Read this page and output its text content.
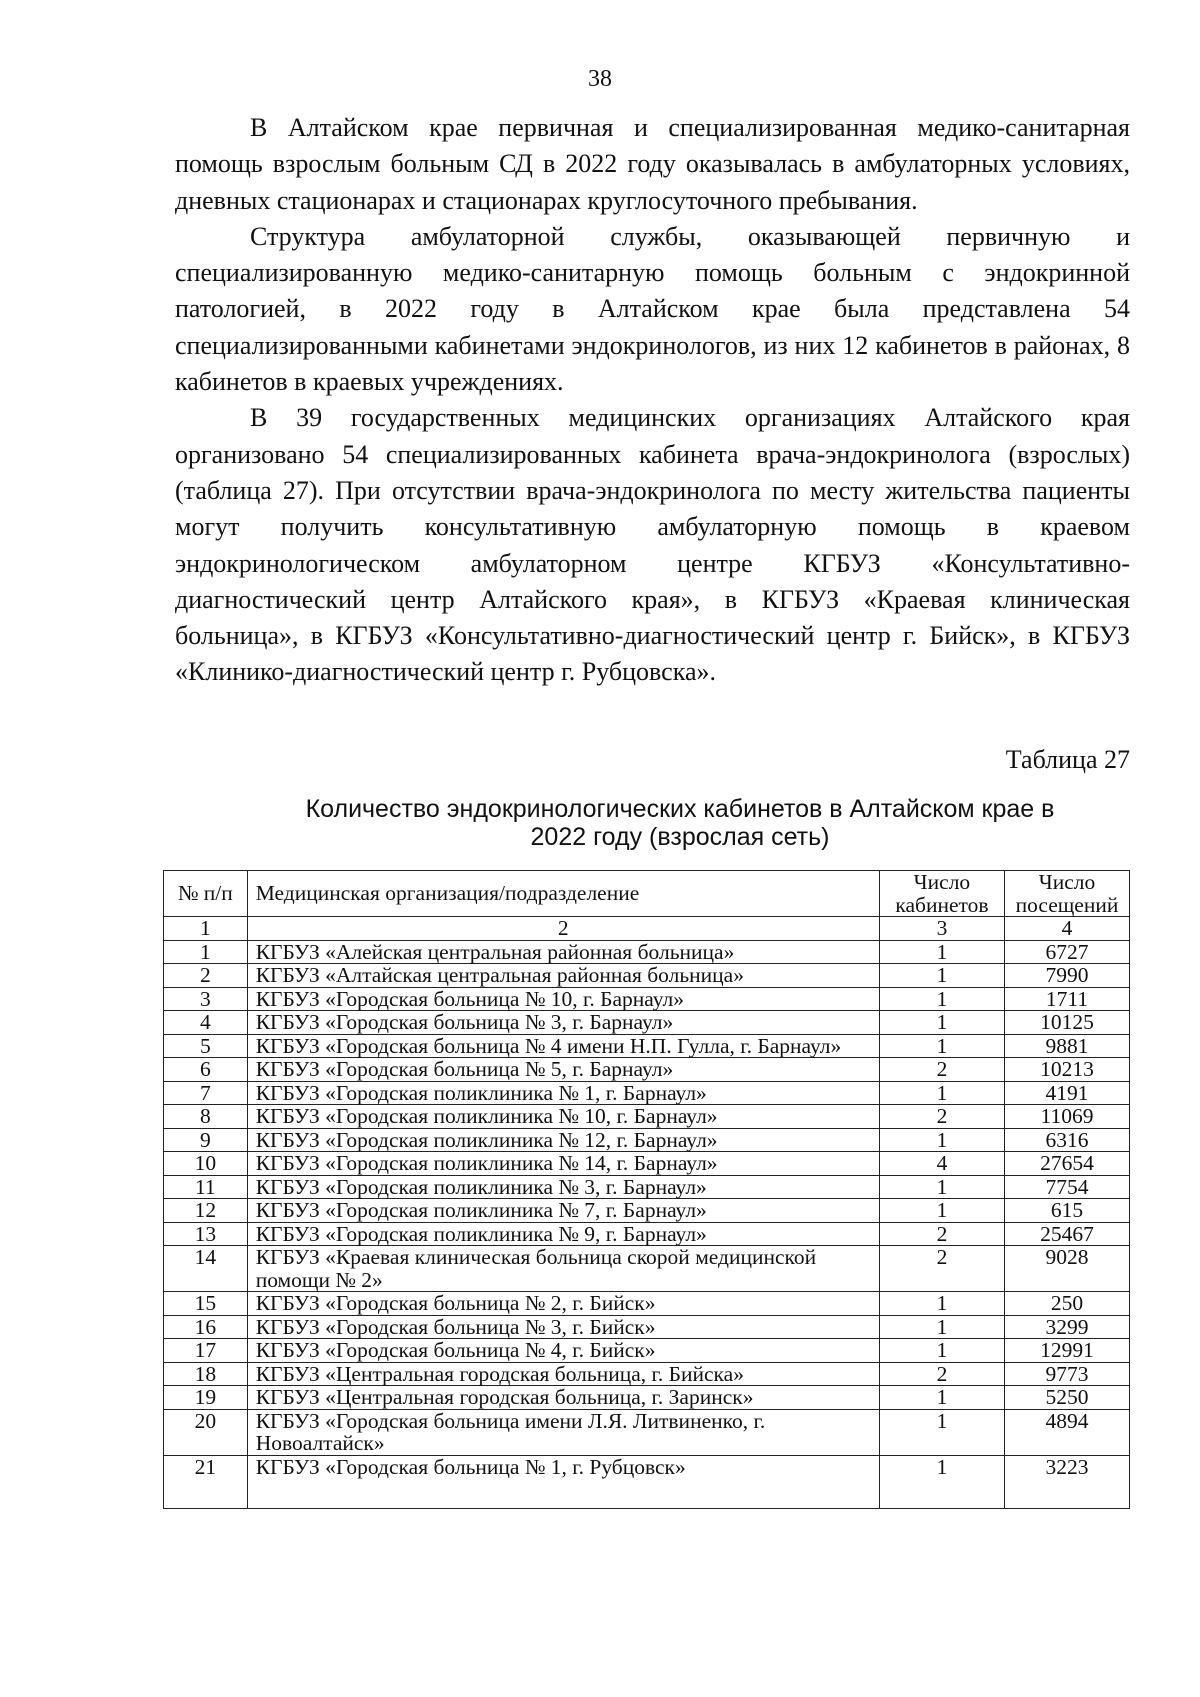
38

В Алтайском крае первичная и специализированная медико-санитарная помощь взрослым больным СД в 2022 году оказывалась в амбулаторных условиях, дневных стационарах и стационарах круглосуточного пребывания.

Структура амбулаторной службы, оказывающей первичную и специализированную медико-санитарную помощь больным с эндокринной патологией, в 2022 году в Алтайском крае была представлена 54 специализированными кабинетами эндокринологов, из них 12 кабинетов в районах, 8 кабинетов в краевых учреждениях.

В 39 государственных медицинских организациях Алтайского края организовано 54 специализированных кабинета врача-эндокринолога (взрослых) (таблица 27). При отсутствии врача-эндокринолога по месту жительства пациенты могут получить консультативную амбулаторную помощь в краевом эндокринологическом амбулаторном центре КГБУЗ «Консультативно-диагностический центр Алтайского края», в КГБУЗ «Краевая клиническая больница», в КГБУЗ «Консультативно-диагностический центр г. Бийск», в КГБУЗ «Клинико-диагностический центр г. Рубцовска».

Таблица 27
Количество эндокринологических кабинетов в Алтайском крае в
2022 году (взрослая сеть)
№ п/п	Медицинская организация/подразделение	Число кабинетов	Число посещений
1	2	3	4
1	КГБУЗ «Алейская центральная районная больница»	1	6727
2	КГБУЗ «Алтайская центральная районная больница»	1	7990
3	КГБУЗ «Городская больница № 10, г. Барнаул»	1	1711
4	КГБУЗ «Городская больница № 3, г. Барнаул»	1	10125
5	КГБУЗ «Городская больница № 4 имени Н.П. Гулла, г. Барнаул»	1	9881
6	КГБУЗ «Городская больница № 5, г. Барнаул»	2	10213
7	КГБУЗ «Городская поликлиника № 1, г. Барнаул»	1	4191
8	КГБУЗ «Городская поликлиника № 10, г. Барнаул»	2	11069
9	КГБУЗ «Городская поликлиника № 12, г. Барнаул»	1	6316
10	КГБУЗ «Городская поликлиника № 14, г. Барнаул»	4	27654
11	КГБУЗ «Городская поликлиника № 3, г. Барнаул»	1	7754
12	КГБУЗ «Городская поликлиника № 7, г. Барнаул»	1	615
13	КГБУЗ «Городская поликлиника № 9, г. Барнаул»	2	25467
14	КГБУЗ «Краевая клиническая больница скорой медицинской помощи № 2»	2	9028
15	КГБУЗ «Городская больница № 2, г. Бийск»	1	250
16	КГБУЗ «Городская больница № 3, г. Бийск»	1	3299
17	КГБУЗ «Городская больница № 4, г. Бийск»	1	12991
18	КГБУЗ «Центральная городская больница, г. Бийска»	2	9773
19	КГБУЗ «Центральная городская больница, г. Заринск»	1	5250
20	КГБУЗ «Городская больница имени Л.Я. Литвиненко, г. Новоалтайск»	1	4894
21	КГБУЗ «Городская больница № 1, г. Рубцовск»	1	3223
